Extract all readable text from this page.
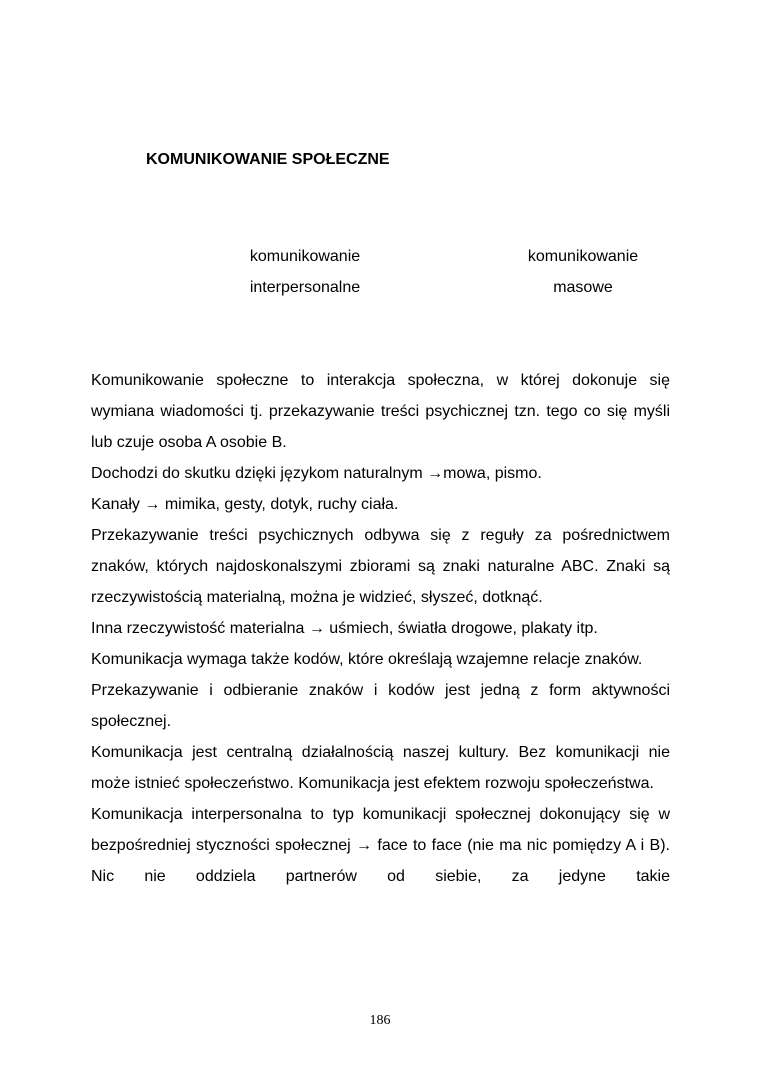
KOMUNIKOWANIE SPOŁECZNE
komunikowanie
interpersonalne
komunikowanie
masowe

Komunikowanie społeczne to interakcja społeczna, w której dokonuje się wymiana wiadomości tj. przekazywanie treści psychicznej tzn. tego co się myśli lub czuje osoba A osobie B.

Dochodzi do skutku dzięki językom naturalnym →mowa, pismo.

Kanały → mimika, gesty, dotyk, ruchy ciała.

Przekazywanie treści psychicznych odbywa się z reguły za pośrednictwem znaków, których najdoskonalszymi zbiorami są znaki naturalne ABC. Znaki są rzeczywistością materialną, można je widzieć, słyszeć, dotknąć.

Inna rzeczywistość materialna → uśmiech, światła drogowe, plakaty itp.

Komunikacja wymaga także kodów, które określają wzajemne relacje znaków.

Przekazywanie i odbieranie znaków i kodów jest jedną z form aktywności społecznej.

Komunikacja jest centralną działalnością naszej kultury. Bez komunikacji nie może istnieć społeczeństwo. Komunikacja jest efektem rozwoju społeczeństwa.

Komunikacja interpersonalna to typ komunikacji społecznej dokonujący się w bezpośredniej styczności społecznej → face to face (nie ma nic pomiędzy A i B). Nic nie oddziela partnerów od siebie, za jedyne takie

186
